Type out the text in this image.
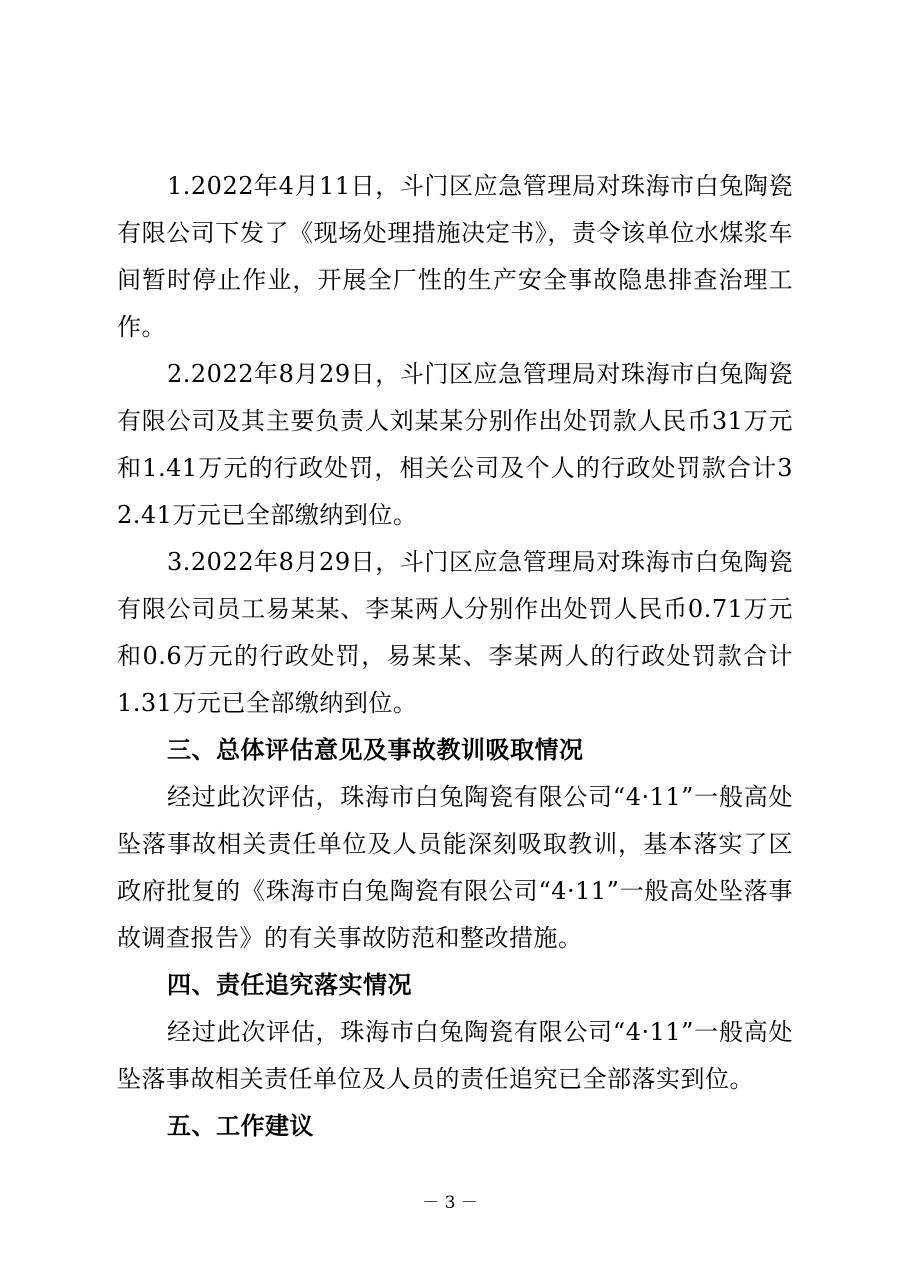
1.2022年4月11日，斗门区应急管理局对珠海市白兔陶瓷有限公司下发了《现场处理措施决定书》，责令该单位水煤浆车间暂时停止作业，开展全厂性的生产安全事故隐患排查治理工作。

2.2022年8月29日，斗门区应急管理局对珠海市白兔陶瓷有限公司及其主要负责人刘某某分别作出处罚款人民币31万元和1.41万元的行政处罚，相关公司及个人的行政处罚款合计32.41万元已全部缴纳到位。

3.2022年8月29日，斗门区应急管理局对珠海市白兔陶瓷有限公司员工易某某、李某两人分别作出处罚人民币0.71万元和0.6万元的行政处罚，易某某、李某两人的行政处罚款合计1.31万元已全部缴纳到位。

三、总体评估意见及事故教训吸取情况

经过此次评估，珠海市白兔陶瓷有限公司“4·11”一般高处坠落事故相关责任单位及人员能深刻吸取教训，基本落实了区政府批复的《珠海市白兔陶瓷有限公司“4·11”一般高处坠落事故调查报告》的有关事故防范和整改措施。

四、责任追究落实情况

经过此次评估，珠海市白兔陶瓷有限公司“4·11”一般高处坠落事故相关责任单位及人员的责任追究已全部落实到位。

五、工作建议

－ 3 －
